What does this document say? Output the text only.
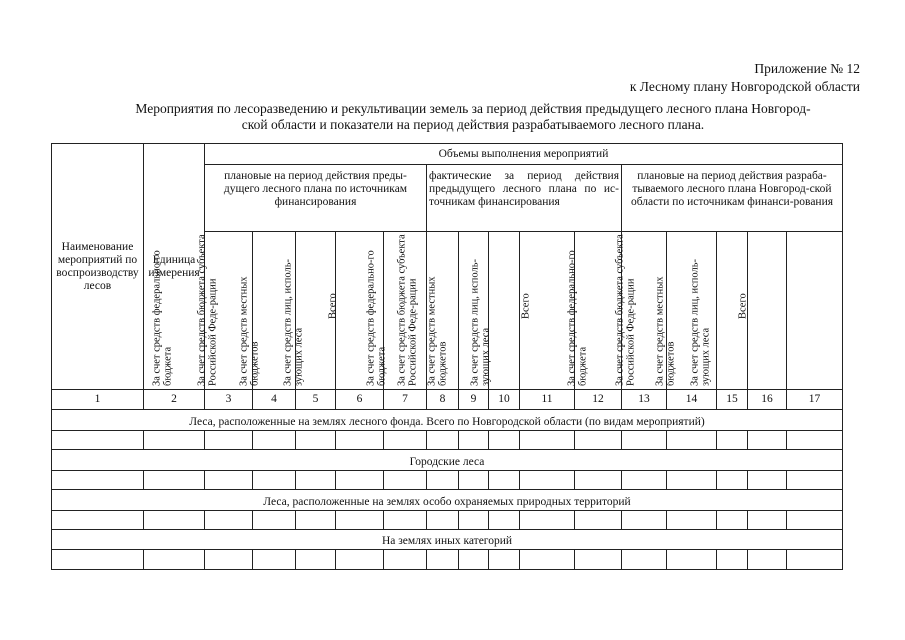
Приложение № 12
к Лесному плану Новгородской области
Мероприятия по лесоразведению и рекультивации земель за период действия предыдущего лесного плана Новгород-
ской области и показатели на период действия разрабатываемого лесного плана.
Наименование мероприятий по воспроизводству лесов	Единица измерения	Объемы выполнения мероприятий														
		плановые на период действия преды-дущего лесного плана по источникам финансирования					фактические за период действия предыдущего лесного плана по ис-точникам финансирования					плановые на период действия разраба-тываемого лесного плана Новгород-ской области по источникам финанси-рования				

		За счет средств федерально-го бюджета	За счет средств бюджета субъекта Российской Феде-рации	За счет средств местных бюджетов	За счет средств лиц, исполь-зующих леса	Всего	За счет средств федерально-го бюджета	За счет средств бюджета субъекта Российской Феде-рации	За счет средств местных бюджетов	За счет средств лиц, исполь-зующих леса	Всего	За счет средств федерально-го бюджета	За счет средств бюджета субъекта Российской Феде-рации	За счет средств местных бюджетов	За счет средств лиц, исполь-зующих леса	Всего

1	2	3	4	5	6	7	8	9	10	11	12	13	14	15	16	17
Леса, расположенные на землях лесного фонда. Всего по Новгородской области (по видам мероприятий)																

Городские леса																

Леса, расположенные на землях особо охраняемых природных территорий																

На землях иных категорий																
